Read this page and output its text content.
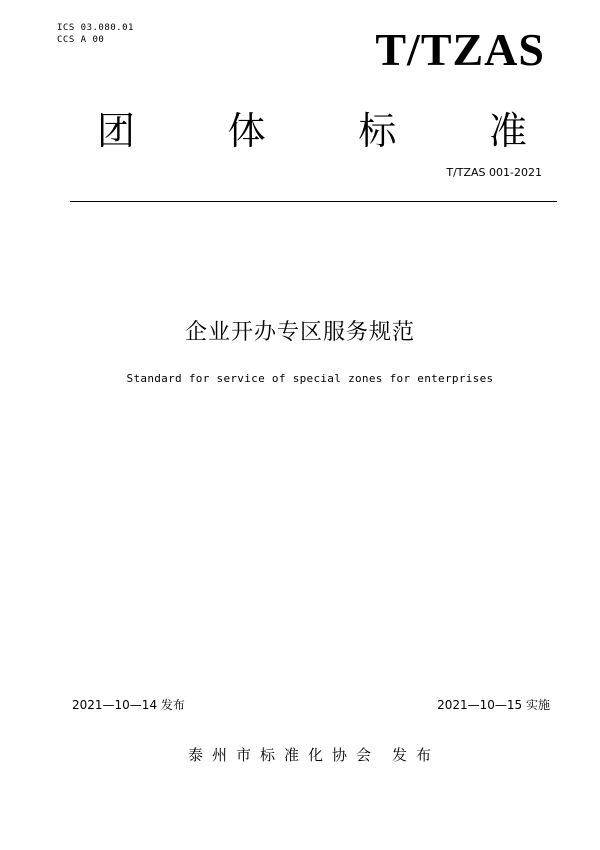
ICS 03.080.01
CCS A 00	T/TZAS
团 体 标 准
T/TZAS 001-2021
企业开办专区服务规范
Standard for service of special zones for enterprises
2021—10—14 发布	2021—10—15 实施
泰州市标准化协会 发布
